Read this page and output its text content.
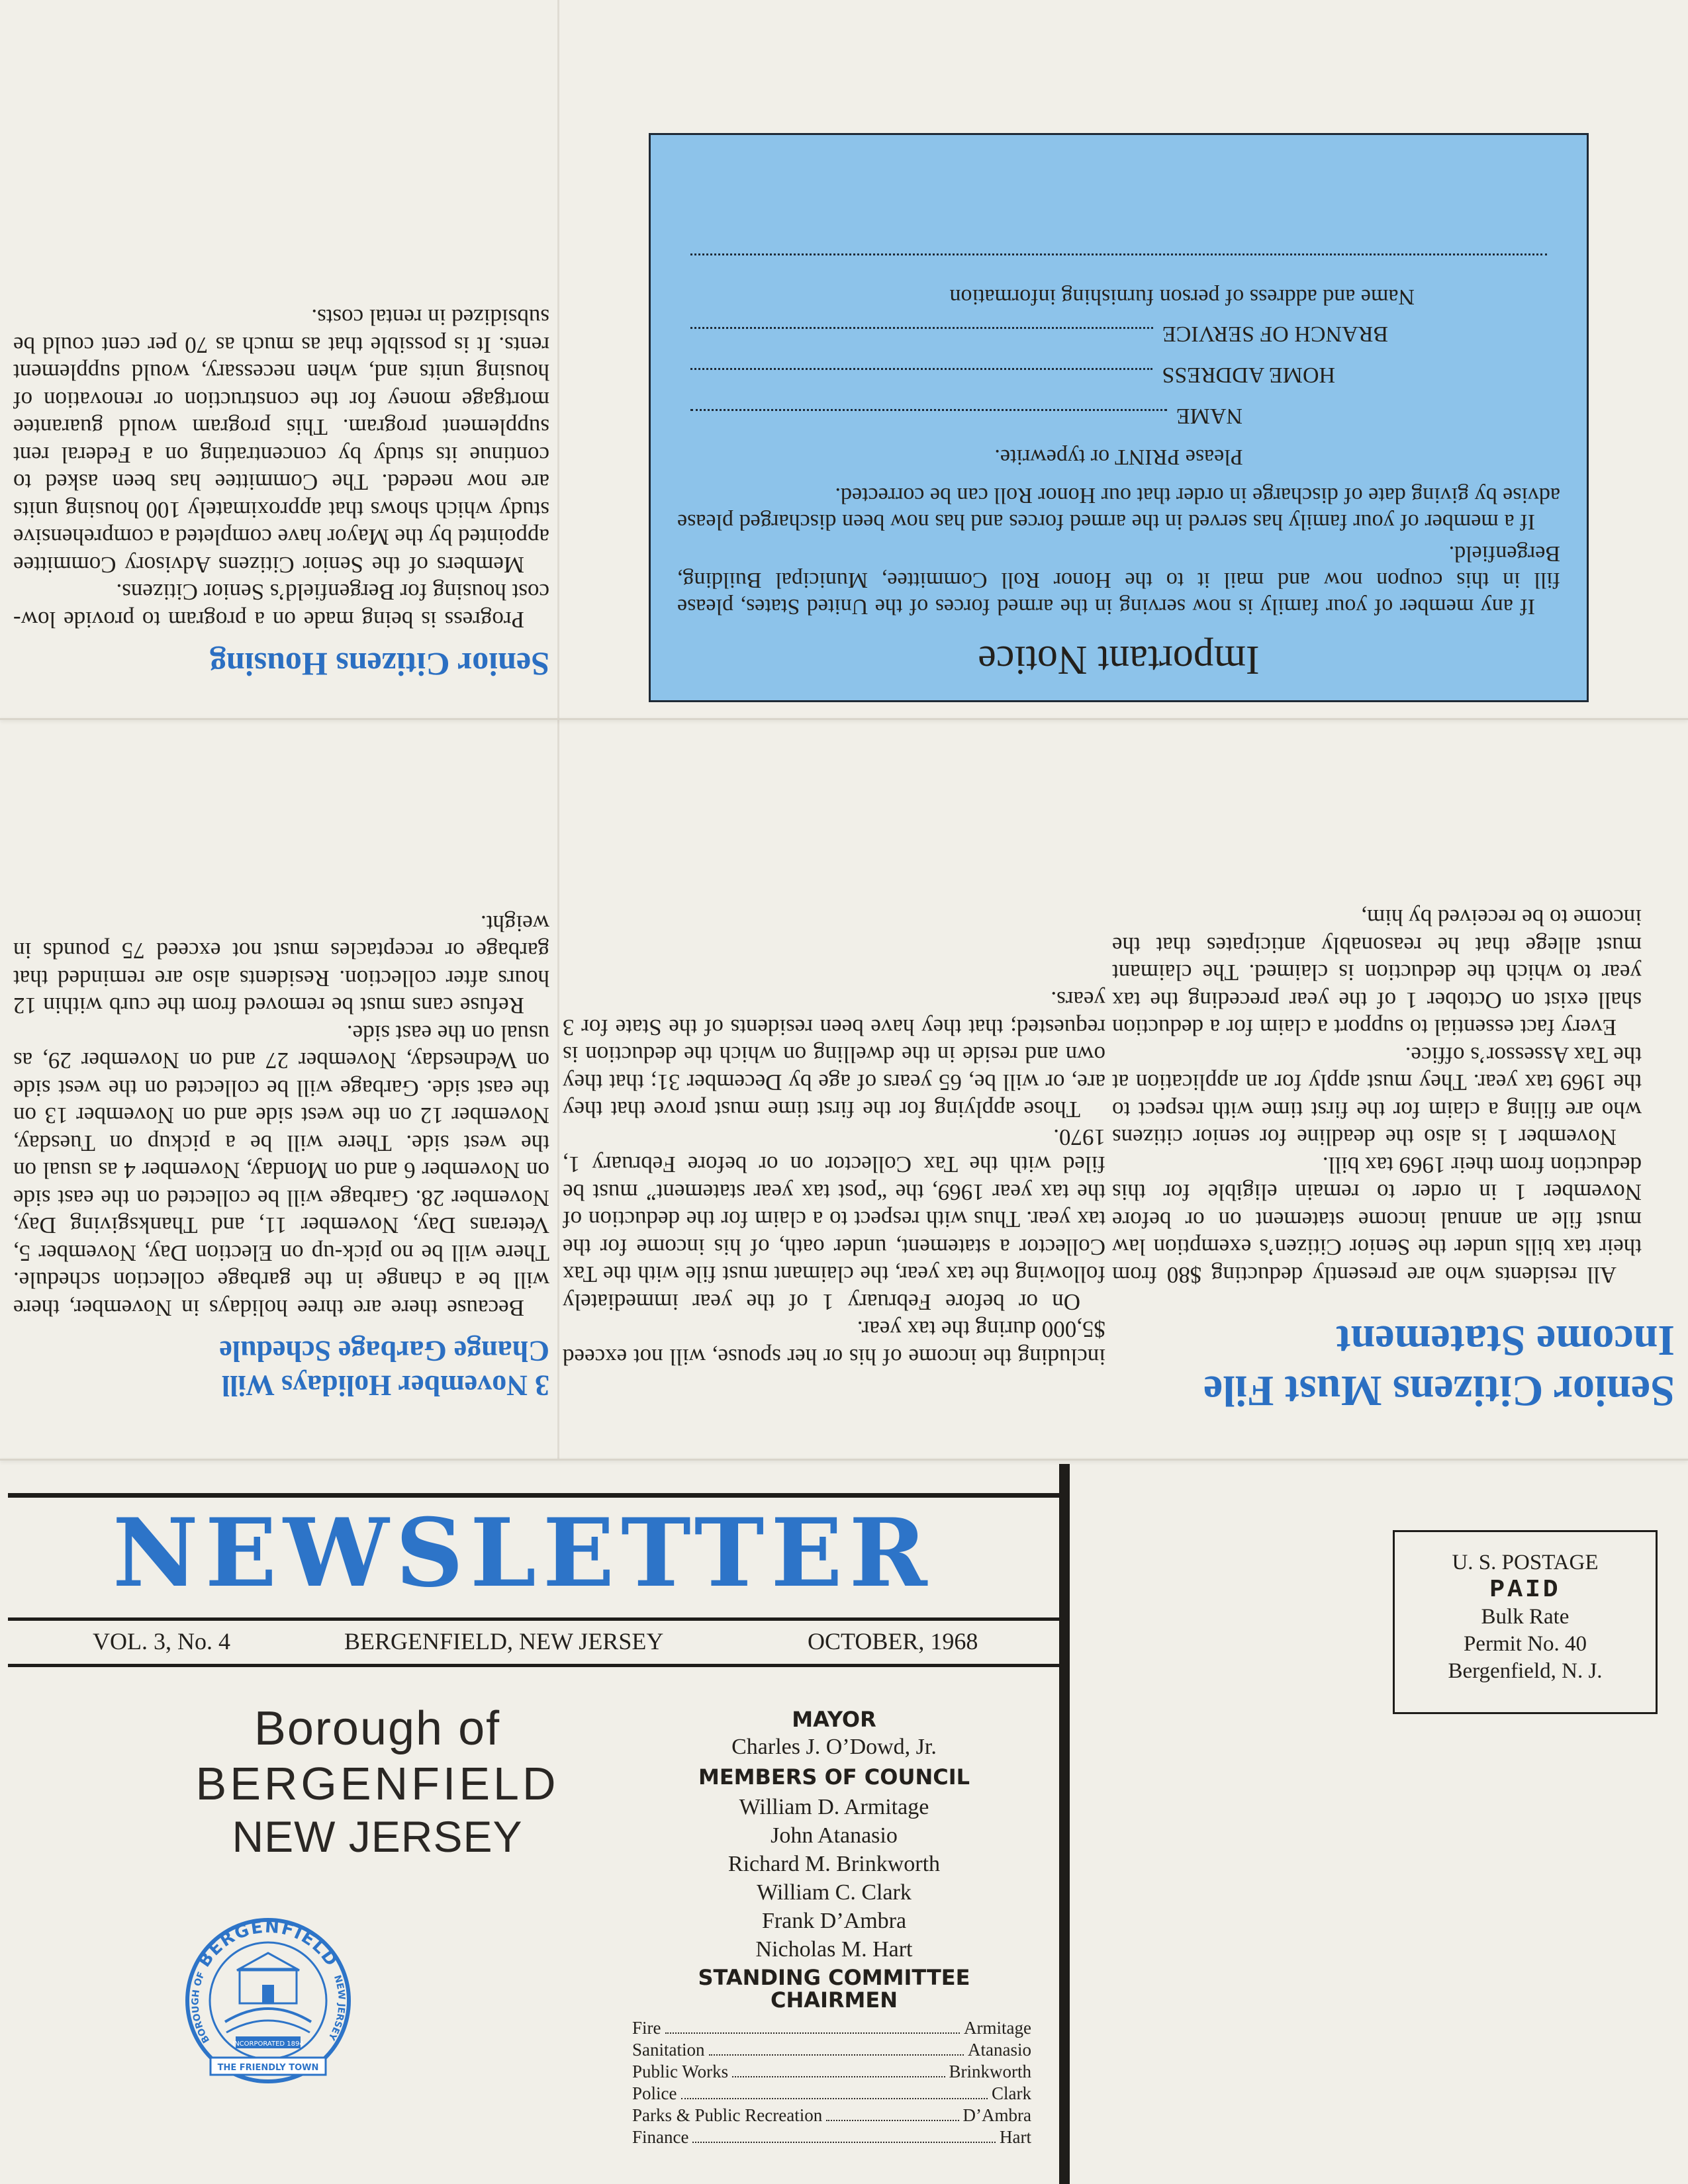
Senior Citizens Must File
Income Statement

All residents who are presently deducting $80 from their tax bills under the Senior Citizen’s exemption law must file an annual income statement on or before November 1 in order to remain eligible for this deduction from their 1969 tax bill.

November 1 is also the deadline for senior citizens who are filing a claim for the first time with respect to the 1969 tax year. They must apply for an application at the Tax Assessor’s office.

Every fact essential to support a claim for a deduction shall exist on October 1 of the year preceding the tax year to which the deduction is claimed. The claimant must allege that he reasonably anticipates that the income to be received by him,

including the income of his or her spouse, will not exceed $5,000 during the tax year.

On or before February 1 of the year immediately following the tax year, the claimant must file with the Tax Collector a statement, under oath, of his income for the tax year. Thus with respect to a claim for the deduction of the tax year 1969, the “post tax year statement” must be filed with the Tax Collector on or before February 1, 1970.

Those applying for the first time must prove that they are, or will be, 65 years of age by December 31; that they own and reside in the dwelling on which the deduction is requested; that they have been residents of the State for 3 years.

3 November Holidays Will
Change Garbage Schedule

Because there are three holidays in November, there will be a change in the garbage collection schedule. There will be no pick-up on Election Day, November 5, Veterans Day, November 11, and Thanksgiving Day, November 28. Garbage will be collected on the east side on November 6 and on Monday, November 4 as usual on the west side. There will be a pickup on Tuesday, November 12 on the west side and on November 13 on the east side. Garbage will be collected on the west side on Wednesday, November 27 and on November 29, as usual on the east side.

Refuse cans must be removed from the curb within 12 hours after collection. Residents also are reminded that garbage or receptacles must not exceed 75 pounds in weight.

Senior Citizens Housing

Progress is being made on a program to provide low-cost housing for Bergenfield’s Senior Citizens.

Members of the Senior Citizens Advisory Committee appointed by the Mayor have completed a comprehensive study which shows that approximately 100 housing units are now needed. The Committee has been asked to continue its study by concentrating on a Federal rent supplement program. This program would guarantee mortgage money for the construction or renovation of housing units and, when necessary, would supplement rents. It is possible that as much as 70 per cent could be subsidized in rental costs.

Important Notice

If any member of your family is now serving in the armed forces of the United States, please fill in this coupon now and mail it to the Honor Roll Committee, Municipal Building, Bergenfield.

If a member of your family has served in the armed forces and has now been discharged please advise by giving date of discharge in order that our Honor Roll can be corrected.

Please PRINT or typewrite.

NAME

HOME ADDRESS

BRANCH OF SERVICE

Name and address of person furnishing information

NEWSLETTER
VOL. 3, No. 4	BERGENFIELD, NEW JERSEY	OCTOBER, 1968
Borough of
BERGENFIELD
NEW JERSEY
BERGENFIELD
BOROUGH OF	NEW JERSEY
INCORPORATED 1894
THE FRIENDLY TOWN
MAYOR
Charles J. O’Dowd, Jr.
MEMBERS OF COUNCIL
William D. Armitage
John Atanasio
Richard M. Brinkworth
William C. Clark
Frank D’Ambra
Nicholas M. Hart
STANDING COMMITTEE
CHAIRMEN
Fire	Armitage
Sanitation	Atanasio
Public Works	Brinkworth
Police	Clark
Parks & Public Recreation	D’Ambra
Finance	Hart
U. S. POSTAGE
PAID
Bulk Rate
Permit No. 40
Bergenfield, N. J.
